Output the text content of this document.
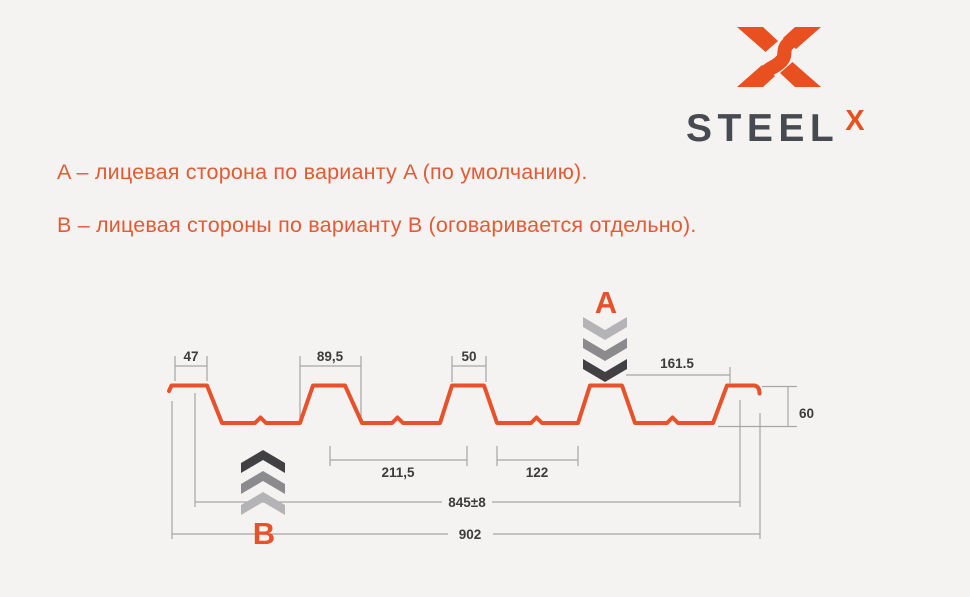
A – лицевая сторона по варианту A (по умолчанию).

B – лицевая стороны по варианту B (оговаривается отдельно).

STEEL X
47	89,5	50	161.5
60
211,5	122
845±8
902
A
B
